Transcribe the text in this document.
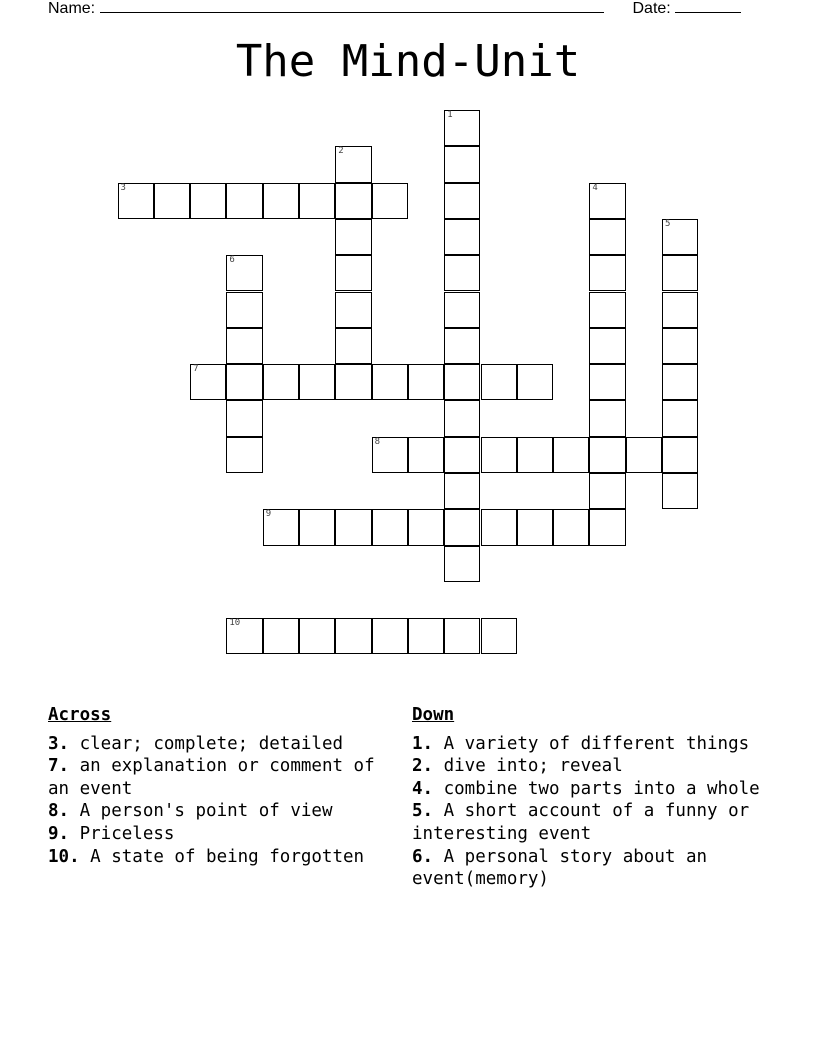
Name:	Date:
The Mind-Unit
1
2
3	4
5
6
7
8
9
10
Across
3. clear; complete; detailed
7. an explanation or comment of an event
8. A person's point of view
9. Priceless
10. A state of being forgotten
Down
1. A variety of different things
2. dive into; reveal
4. combine two parts into a whole
5. A short account of a funny or interesting event
6. A personal story about an event(memory)
